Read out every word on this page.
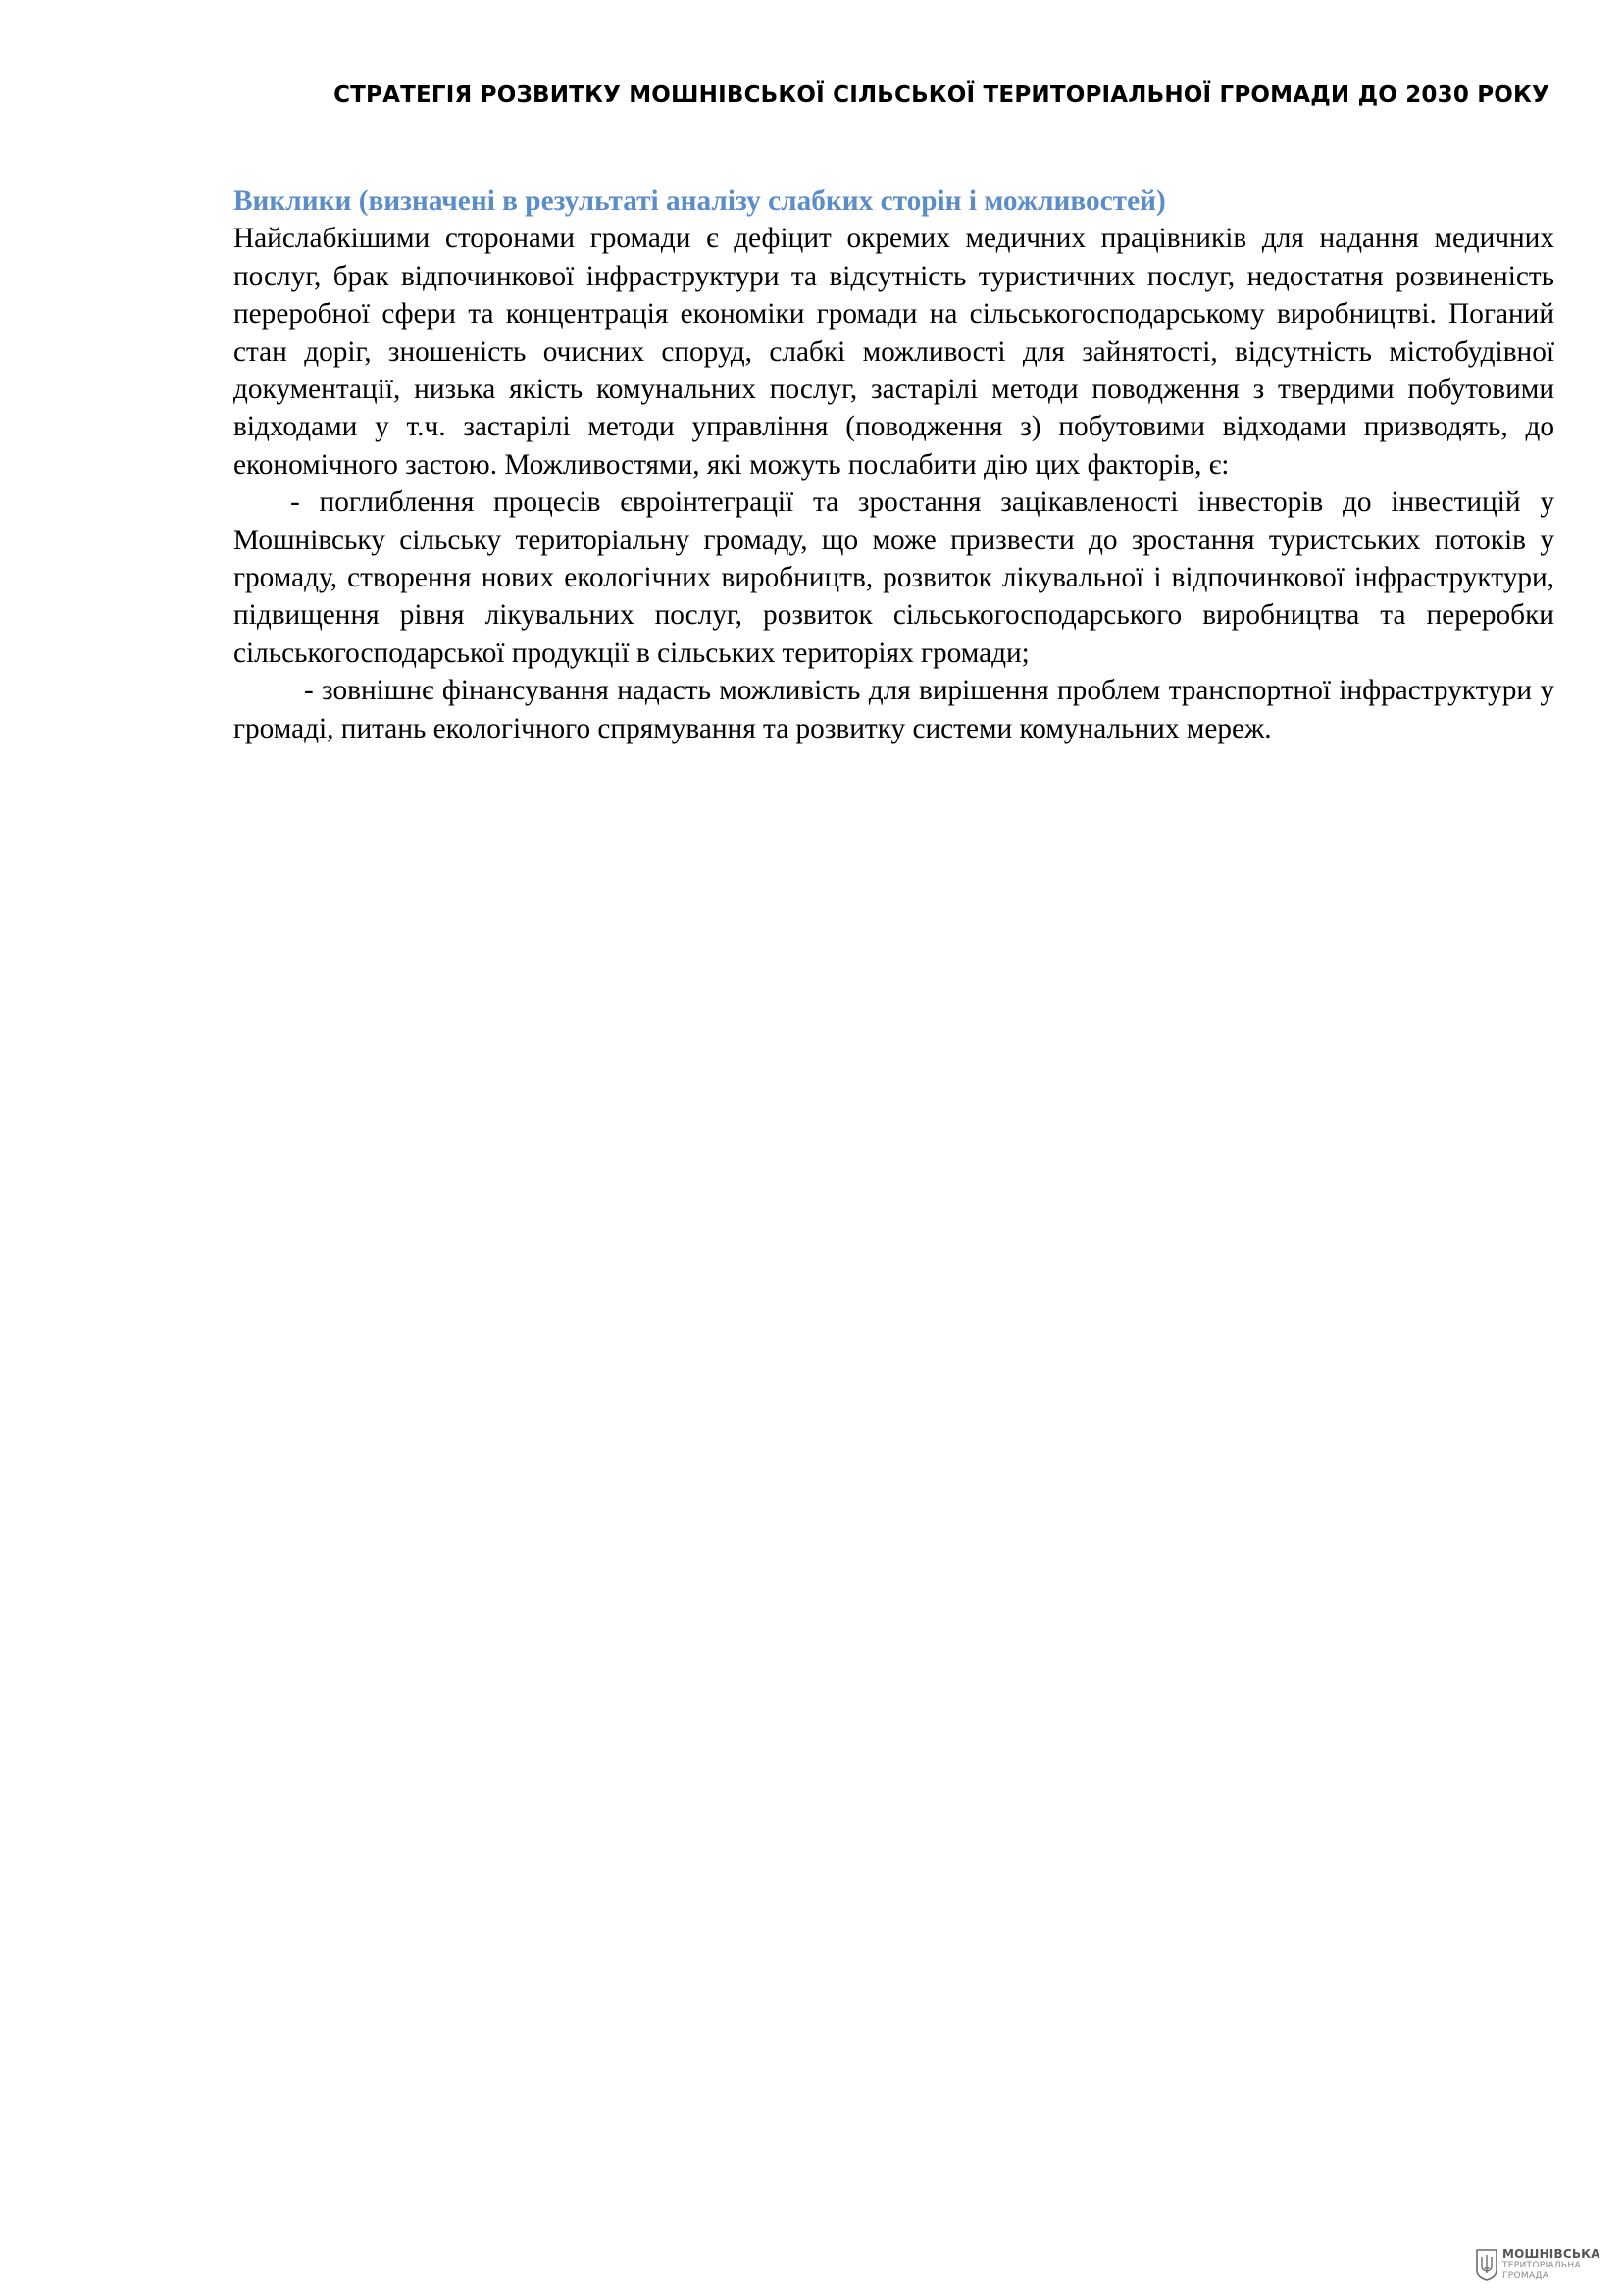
СТРАТЕГІЯ РОЗВИТКУ МОШНІВСЬКОЇ СІЛЬСЬКОЇ ТЕРИТОРІАЛЬНОЇ ГРОМАДИ ДО 2030 РОКУ
Виклики (визначені в результаті аналізу слабких сторін і можливостей)

Найслабкішими сторонами громади є дефіцит окремих медичних працівників для надання медичних послуг, брак відпочинкової інфраструктури та відсутність туристичних послуг, недостатня розвиненість переробної сфери та концентрація економіки громади на сільськогосподарському виробництві. Поганий стан доріг, зношеність очисних споруд, слабкі можливості для зайнятості, відсутність містобудівної документації, низька якість комунальних послуг, застарілі методи поводження з твердими побутовими відходами у т.ч. застарілі методи управління (поводження з) побутовими відходами призводять, до економічного застою. Можливостями, які можуть послабити дію цих факторів, є:

- поглиблення процесів євроінтеграції та зростання зацікавленості інвесторів до інвестицій у Мошнівську сільську територіальну громаду, що може призвести до зростання туристських потоків у громаду, створення нових екологічних виробництв, розвиток лікувальної і відпочинкової інфраструктури, підвищення рівня лікувальних послуг, розвиток сільськогосподарського виробництва та переробки сільськогосподарської продукції в сільських територіях громади;

- зовнішнє фінансування надасть можливість для вирішення проблем транспортної інфраструктури у громаді, питань екологічного спрямування та розвитку системи комунальних мереж.

МОШНІВСЬКА
ТЕРИТОРІАЛЬНА
ГРОМАДА
